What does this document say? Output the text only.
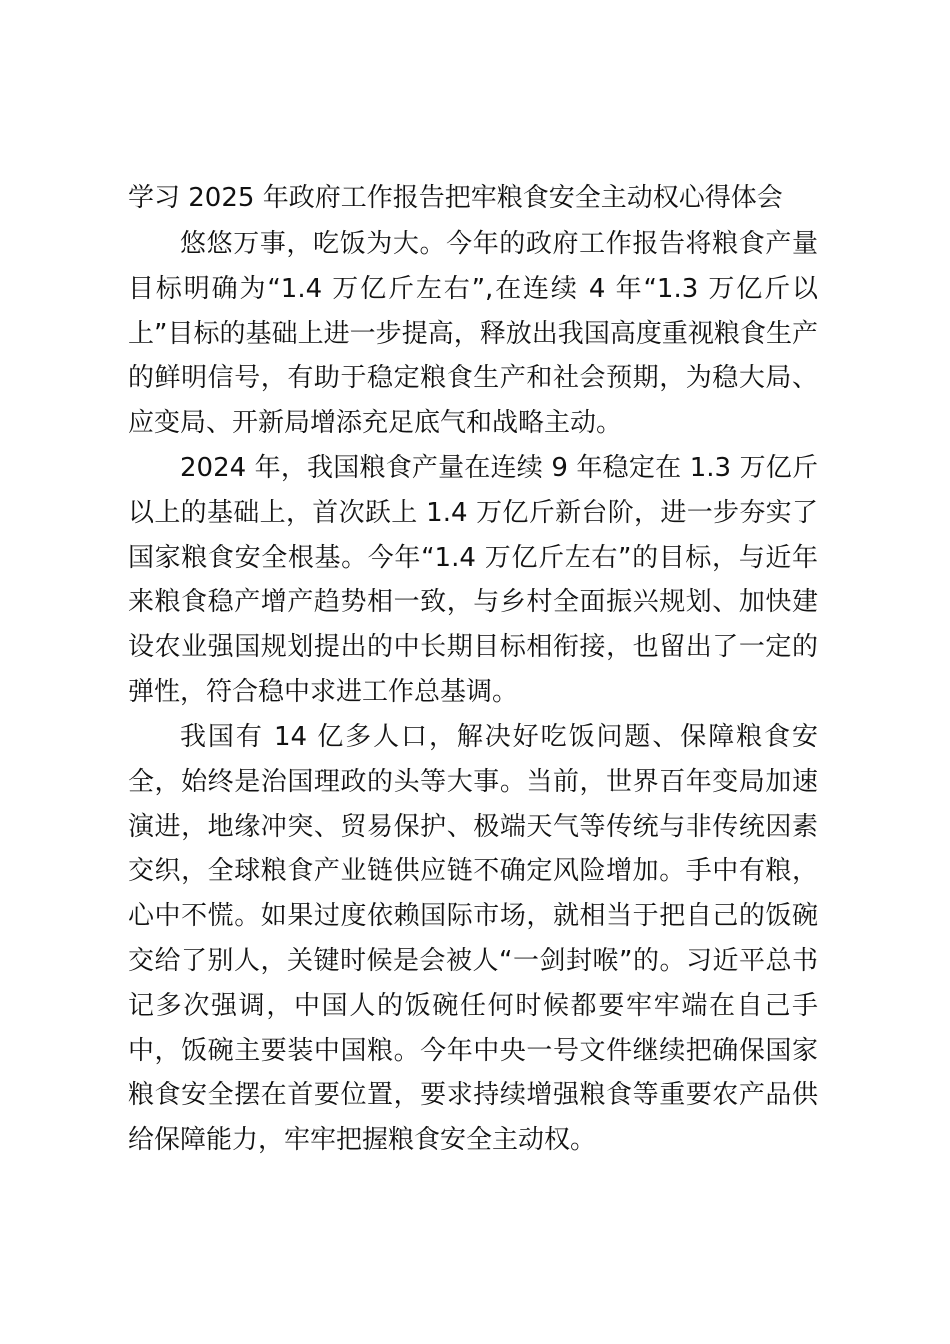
学习 2025 年政府工作报告把牢粮食安全主动权心得体会

悠悠万事，吃饭为大。今年的政府工作报告将粮食产量目标明确为“1.4 万亿斤左右”,在连续 4 年“1.3 万亿斤以上”目标的基础上进一步提高，释放出我国高度重视粮食生产的鲜明信号，有助于稳定粮食生产和社会预期，为稳大局、应变局、开新局增添充足底气和战略主动。

2024 年，我国粮食产量在连续 9 年稳定在 1.3 万亿斤以上的基础上，首次跃上 1.4 万亿斤新台阶，进一步夯实了国家粮食安全根基。今年“1.4 万亿斤左右”的目标，与近年来粮食稳产增产趋势相一致，与乡村全面振兴规划、加快建设农业强国规划提出的中长期目标相衔接，也留出了一定的弹性，符合稳中求进工作总基调。

我国有 14 亿多人口，解决好吃饭问题、保障粮食安全，始终是治国理政的头等大事。当前，世界百年变局加速演进，地缘冲突、贸易保护、极端天气等传统与非传统因素交织，全球粮食产业链供应链不确定风险增加。手中有粮，心中不慌。如果过度依赖国际市场，就相当于把自己的饭碗交给了别人，关键时候是会被人“一剑封喉”的。习近平总书记多次强调，中国人的饭碗任何时候都要牢牢端在自己手中，饭碗主要装中国粮。今年中央一号文件继续把确保国家粮食安全摆在首要位置，要求持续增强粮食等重要农产品供给保障能力，牢牢把握粮食安全主动权。
